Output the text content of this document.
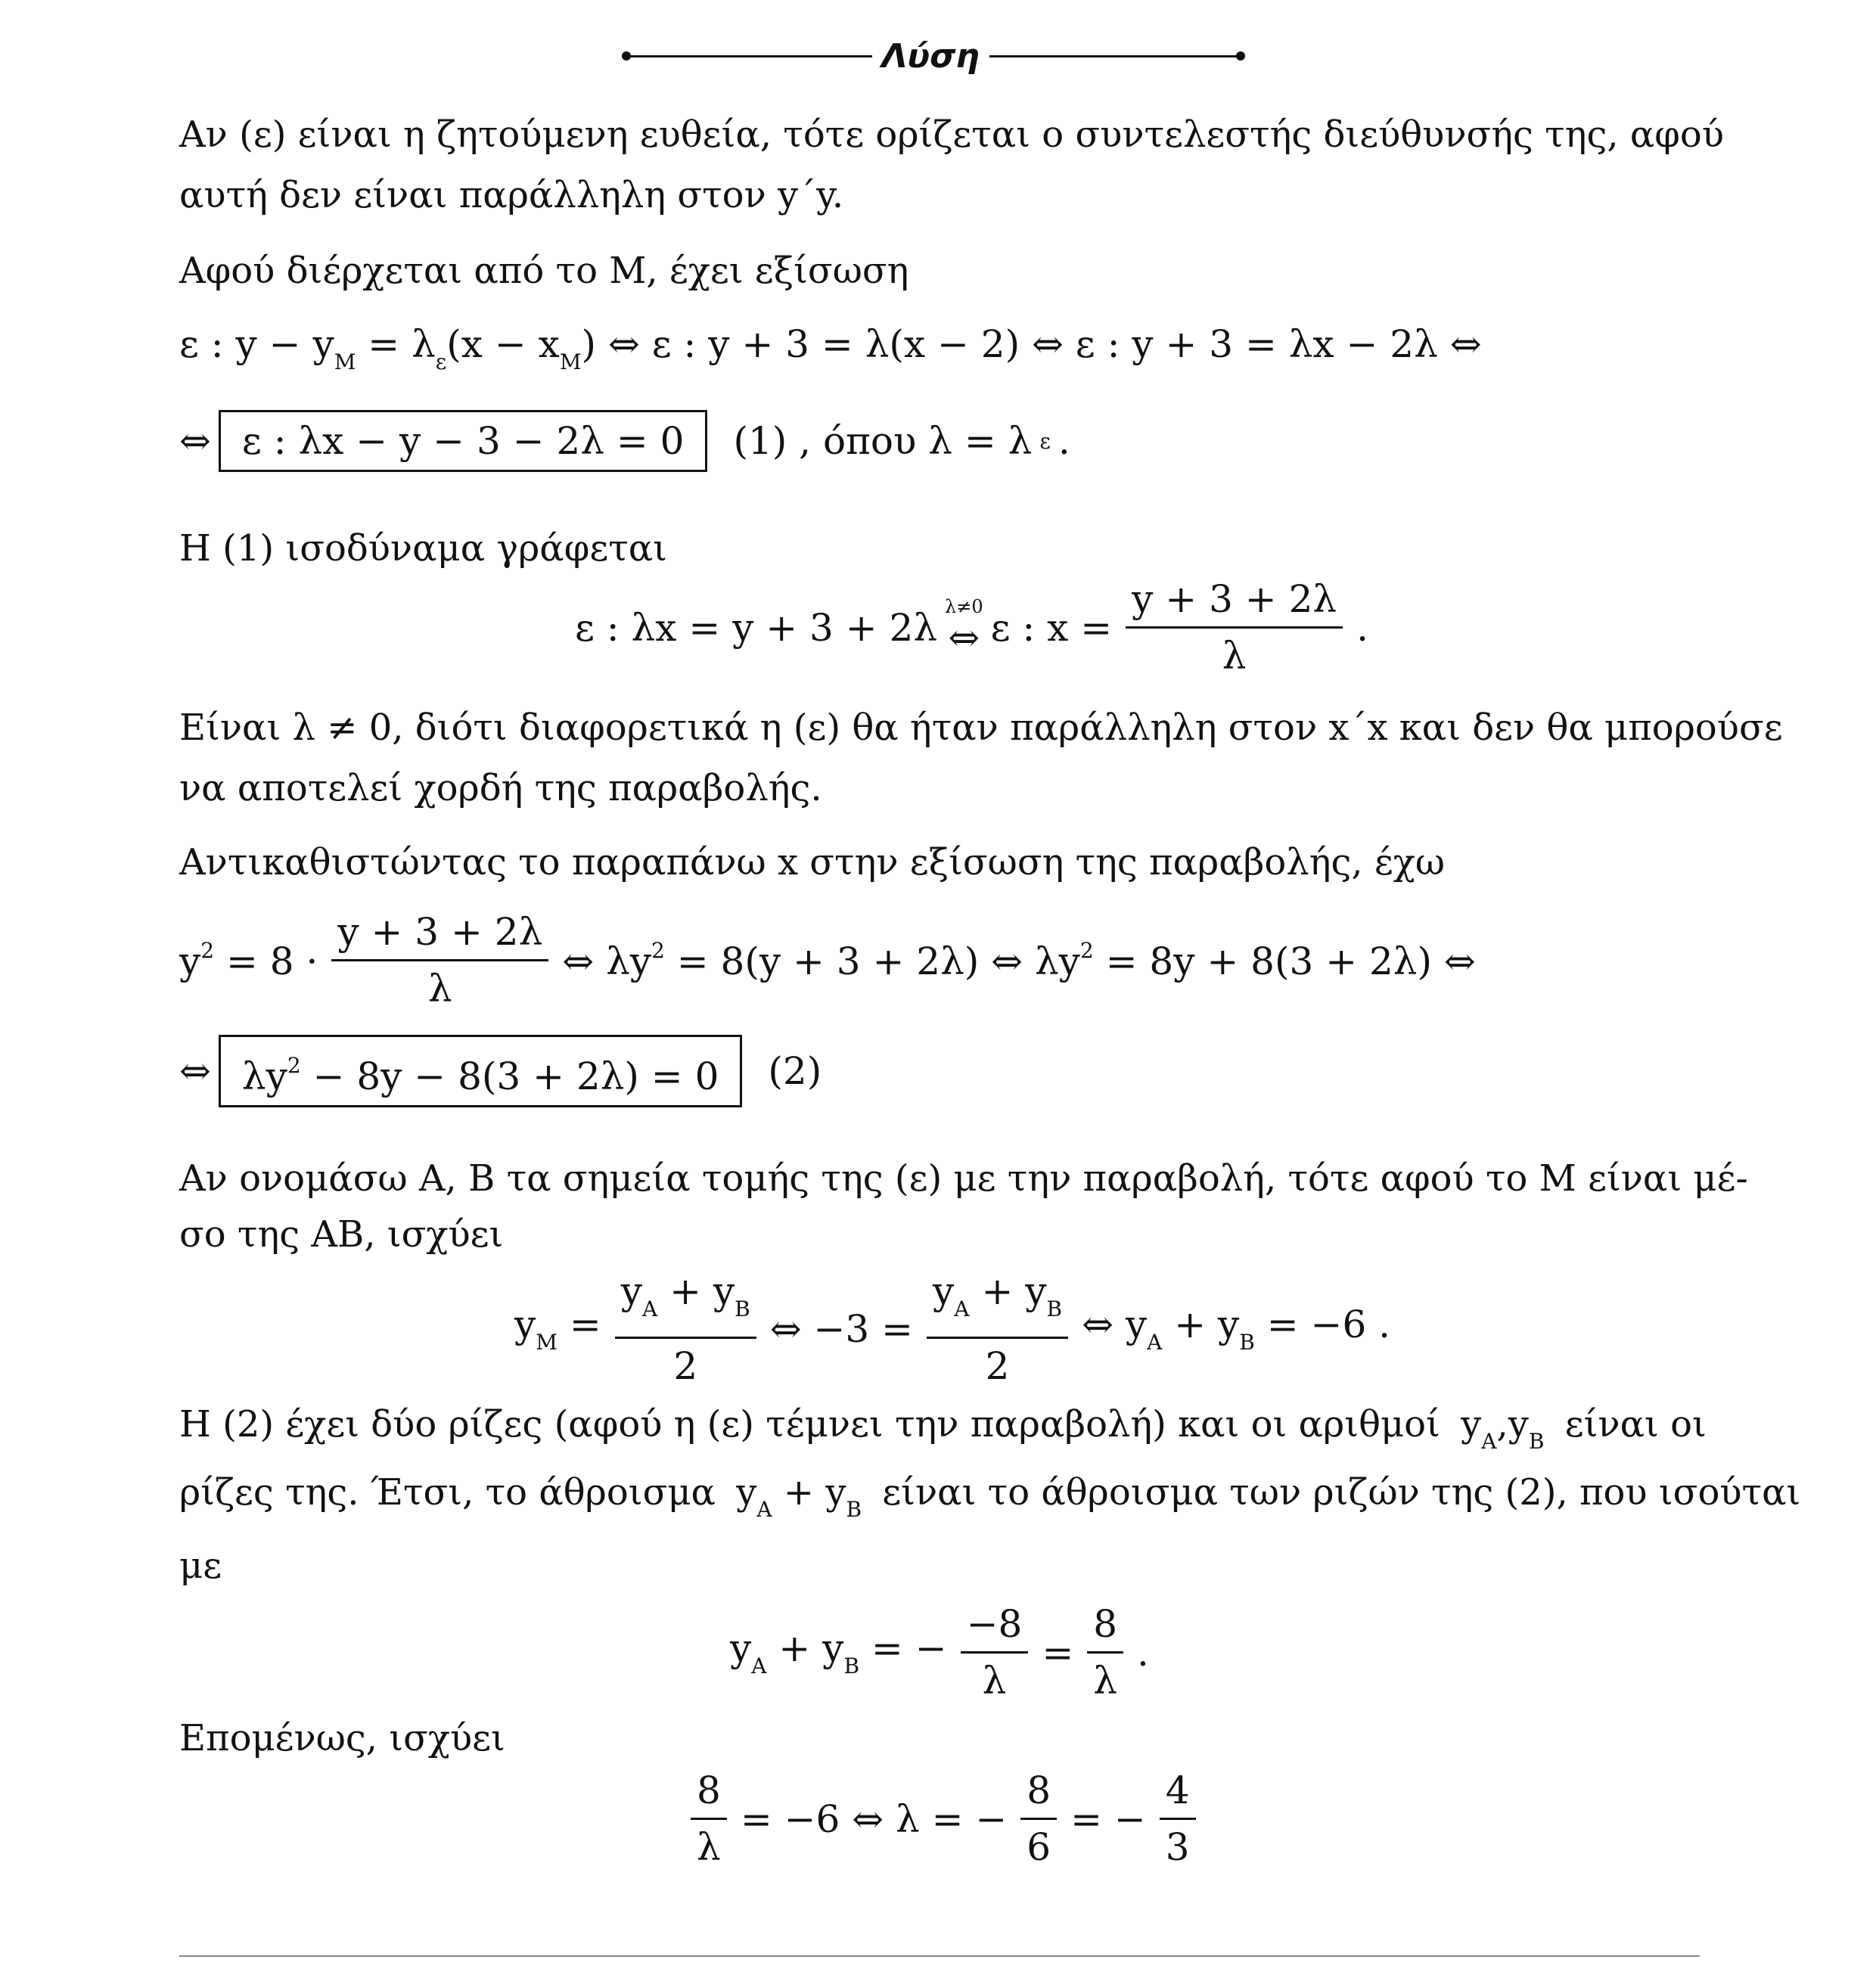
Λύση
Αν (ε) είναι η ζητούμενη ευθεία, τότε ορίζεται ο συντελεστής διεύθυνσής της, αφού
αυτή δεν είναι παράλληλη στον y΄y.
Αφού διέρχεται από το Μ, έχει εξίσωση
ε : $y - y_M = \lambda_\varepsilon(x - x_M)$ ⇔ ε : y + 3 = λ(x − 2) ⇔ ε : y + 3 = λx − 2λ ⇔
⇔ ε : λx − y − 3 − 2λ = 0	(1) , όπου λ = λ ε .
Η (1) ισοδύναμα γράφεται
ε : λx = y + 3 + 2λ λ≠0
⇔ ε : $x = \frac{y + 3 + 2\lambda}{\lambda}$ .
Είναι λ ≠ 0, διότι διαφορετικά η (ε) θα ήταν παράλληλη στον x΄x και δεν θα μπορούσε
να αποτελεί χορδή της παραβολής.
Αντικαθιστώντας το παραπάνω x στην εξίσωση της παραβολής, έχω
$y^2 = 8 \cdot \frac{y + 3 + 2\lambda}{\lambda}$ ⇔ $\lambda y^2 = 8(y + 3 + 2\lambda)$ ⇔ $\lambda y^2 = 8y + 8(3 + 2\lambda)$ ⇔
⇔ $\lambda y^2 - 8y - 8(3 + 2\lambda) = 0$	(2)
Αν ονομάσω Α, Β τα σημεία τομής της (ε) με την παραβολή, τότε αφού το Μ είναι μέ-
σο της ΑΒ, ισχύει
$y_M = \frac{y_A + y_B}{2}$ ⇔ $-3 = \frac{y_A + y_B}{2}$ ⇔ $y_A + y_B = -6$ .
Η (2) έχει δύο ρίζες (αφού η (ε) τέμνει την παραβολή) και οι αριθμοί $y_A,y_B$ είναι οι
ρίζες της. Έτσι, το άθροισμα $y_A + y_B$ είναι το άθροισμα των ριζών της (2), που ισούται
με
$y_A + y_B$ = − $\frac{-8}{\lambda} = \frac{8}{\lambda}$ .
Επομένως, ισχύει
$\frac{8}{\lambda} = -6$ ⇔ λ = − $\frac{8}{6}$ = − $\frac{4}{3}$
